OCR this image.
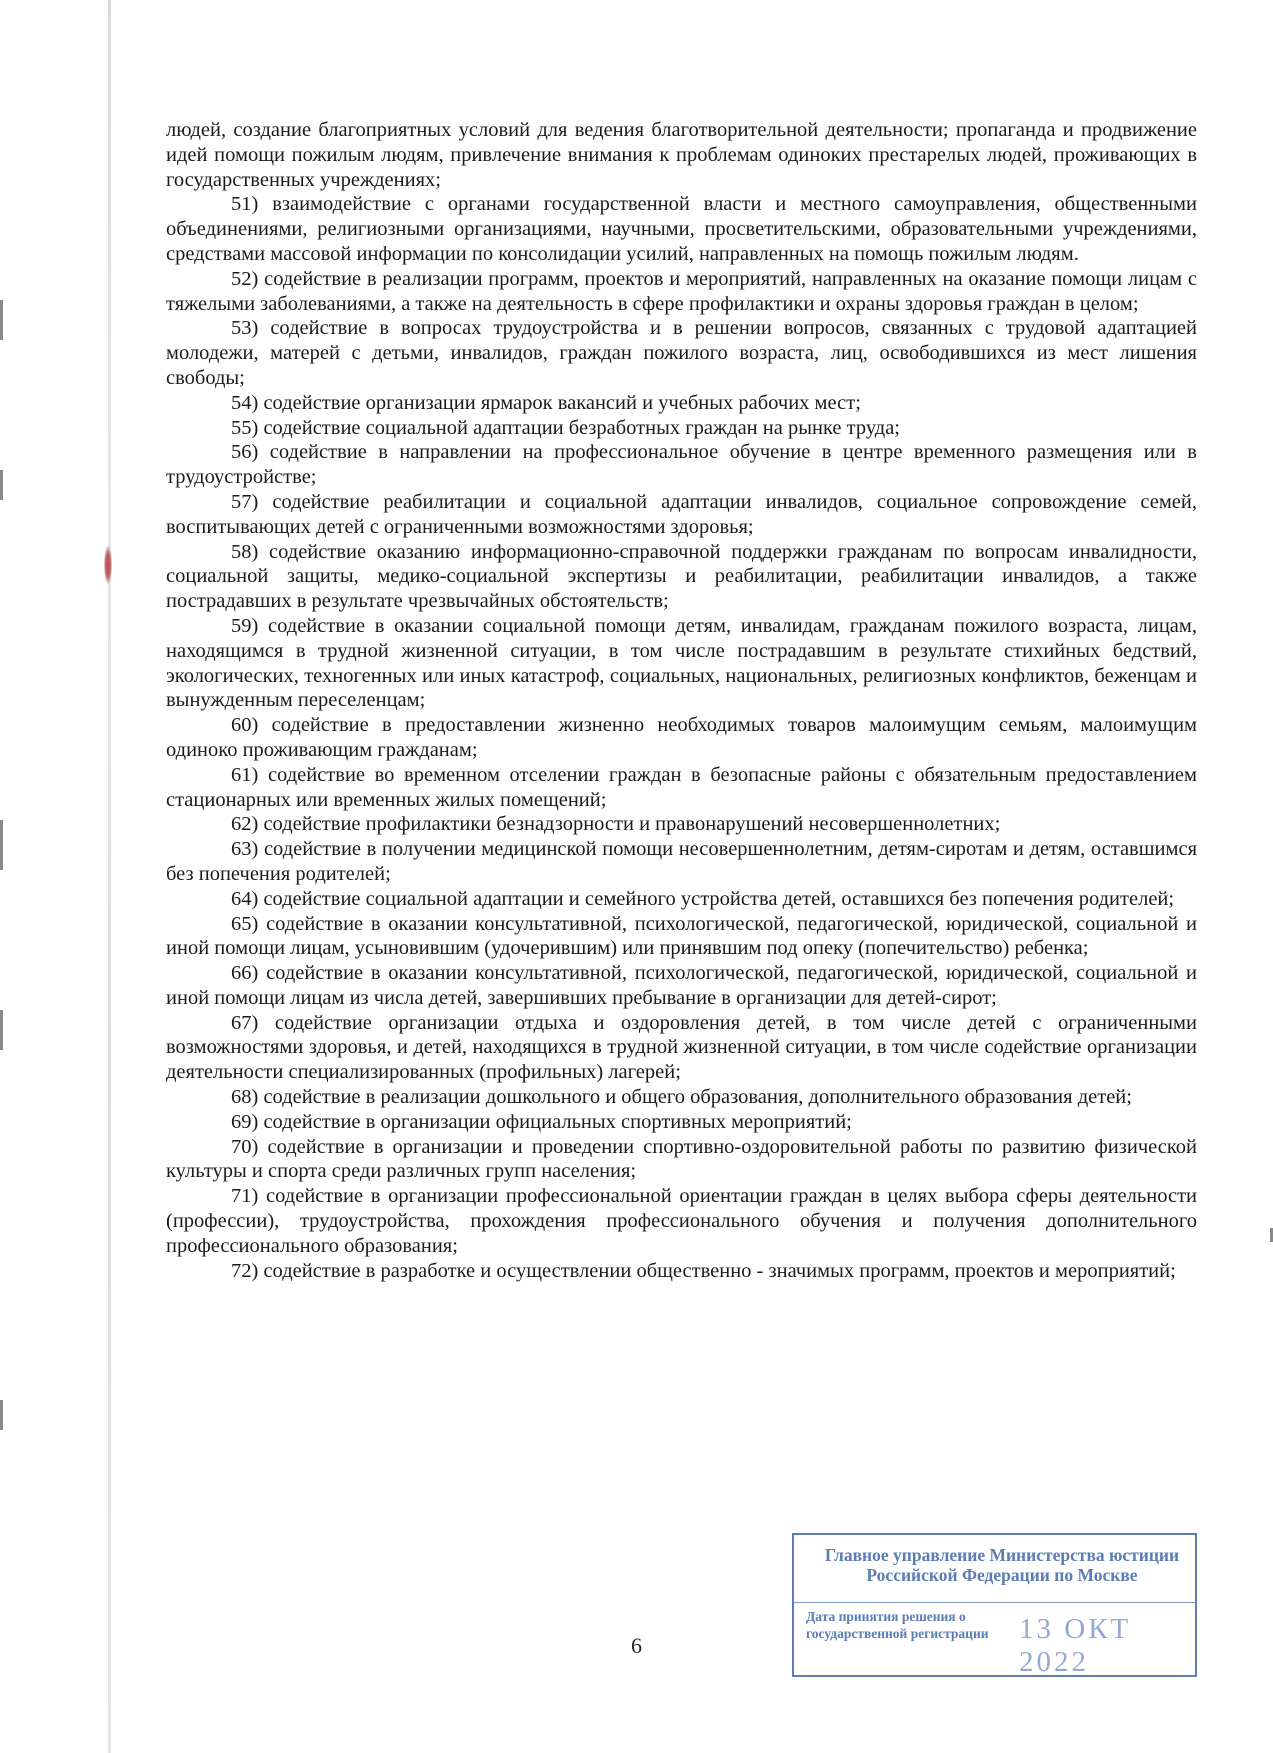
людей, создание благоприятных условий для ведения благотворительной деятельности; пропаганда и продвижение идей помощи пожилым людям, привлечение внимания к проблемам одиноких престарелых людей, проживающих в государственных учреждениях;

51) взаимодействие с органами государственной власти и местного самоуправления, общественными объединениями, религиозными организациями, научными, просветительскими, образовательными учреждениями, средствами массовой информации по консолидации усилий, направленных на помощь пожилым людям.

52) содействие в реализации программ, проектов и мероприятий, направленных на оказание помощи лицам с тяжелыми заболеваниями, а также на деятельность в сфере профилактики и охраны здоровья граждан в целом;

53) содействие в вопросах трудоустройства и в решении вопросов, связанных с трудовой адаптацией молодежи, матерей с детьми, инвалидов, граждан пожилого возраста, лиц, освободившихся из мест лишения свободы;

54) содействие организации ярмарок вакансий и учебных рабочих мест;

55) содействие социальной адаптации безработных граждан на рынке труда;

56) содействие в направлении на профессиональное обучение в центре временного размещения или в трудоустройстве;

57) содействие реабилитации и социальной адаптации инвалидов, социальное сопровождение семей, воспитывающих детей с ограниченными возможностями здоровья;

58) содействие оказанию информационно-справочной поддержки гражданам по вопросам инвалидности, социальной защиты, медико-социальной экспертизы и реабилитации, реабилитации инвалидов, а также пострадавших в результате чрезвычайных обстоятельств;

59) содействие в оказании социальной помощи детям, инвалидам, гражданам пожилого возраста, лицам, находящимся в трудной жизненной ситуации, в том числе пострадавшим в результате стихийных бедствий, экологических, техногенных или иных катастроф, социальных, национальных, религиозных конфликтов, беженцам и вынужденным переселенцам;

60) содействие в предоставлении жизненно необходимых товаров малоимущим семьям, малоимущим одиноко проживающим гражданам;

61) содействие во временном отселении граждан в безопасные районы с обязательным предоставлением стационарных или временных жилых помещений;

62) содействие профилактики безнадзорности и правонарушений несовершеннолетних;

63) содействие в получении медицинской помощи несовершеннолетним, детям-сиротам и детям, оставшимся без попечения родителей;

64) содействие социальной адаптации и семейного устройства детей, оставшихся без попечения родителей;

65) содействие в оказании консультативной, психологической, педагогической, юридической, социальной и иной помощи лицам, усыновившим (удочерившим) или принявшим под опеку (попечительство) ребенка;

66) содействие в оказании консультативной, психологической, педагогической, юридической, социальной и иной помощи лицам из числа детей, завершивших пребывание в организации для детей-сирот;

67) содействие организации отдыха и оздоровления детей, в том числе детей с ограниченными возможностями здоровья, и детей, находящихся в трудной жизненной ситуации, в том числе содействие организации деятельности специализированных (профильных) лагерей;

68) содействие в реализации дошкольного и общего образования, дополнительного образования детей;

69) содействие в организации официальных спортивных мероприятий;

70) содействие в организации и проведении спортивно-оздоровительной работы по развитию физической культуры и спорта среди различных групп населения;

71) содействие в организации профессиональной ориентации граждан в целях выбора сферы деятельности (профессии), трудоустройства, прохождения профессионального обучения и получения дополнительного профессионального образования;

72) содействие в разработке и осуществлении общественно - значимых программ, проектов и мероприятий;

6
Главное управление Министерства юстиции Российской Федерации по Москве
Дата принятия решения о государственной регистрации 13 ОКТ 2022
